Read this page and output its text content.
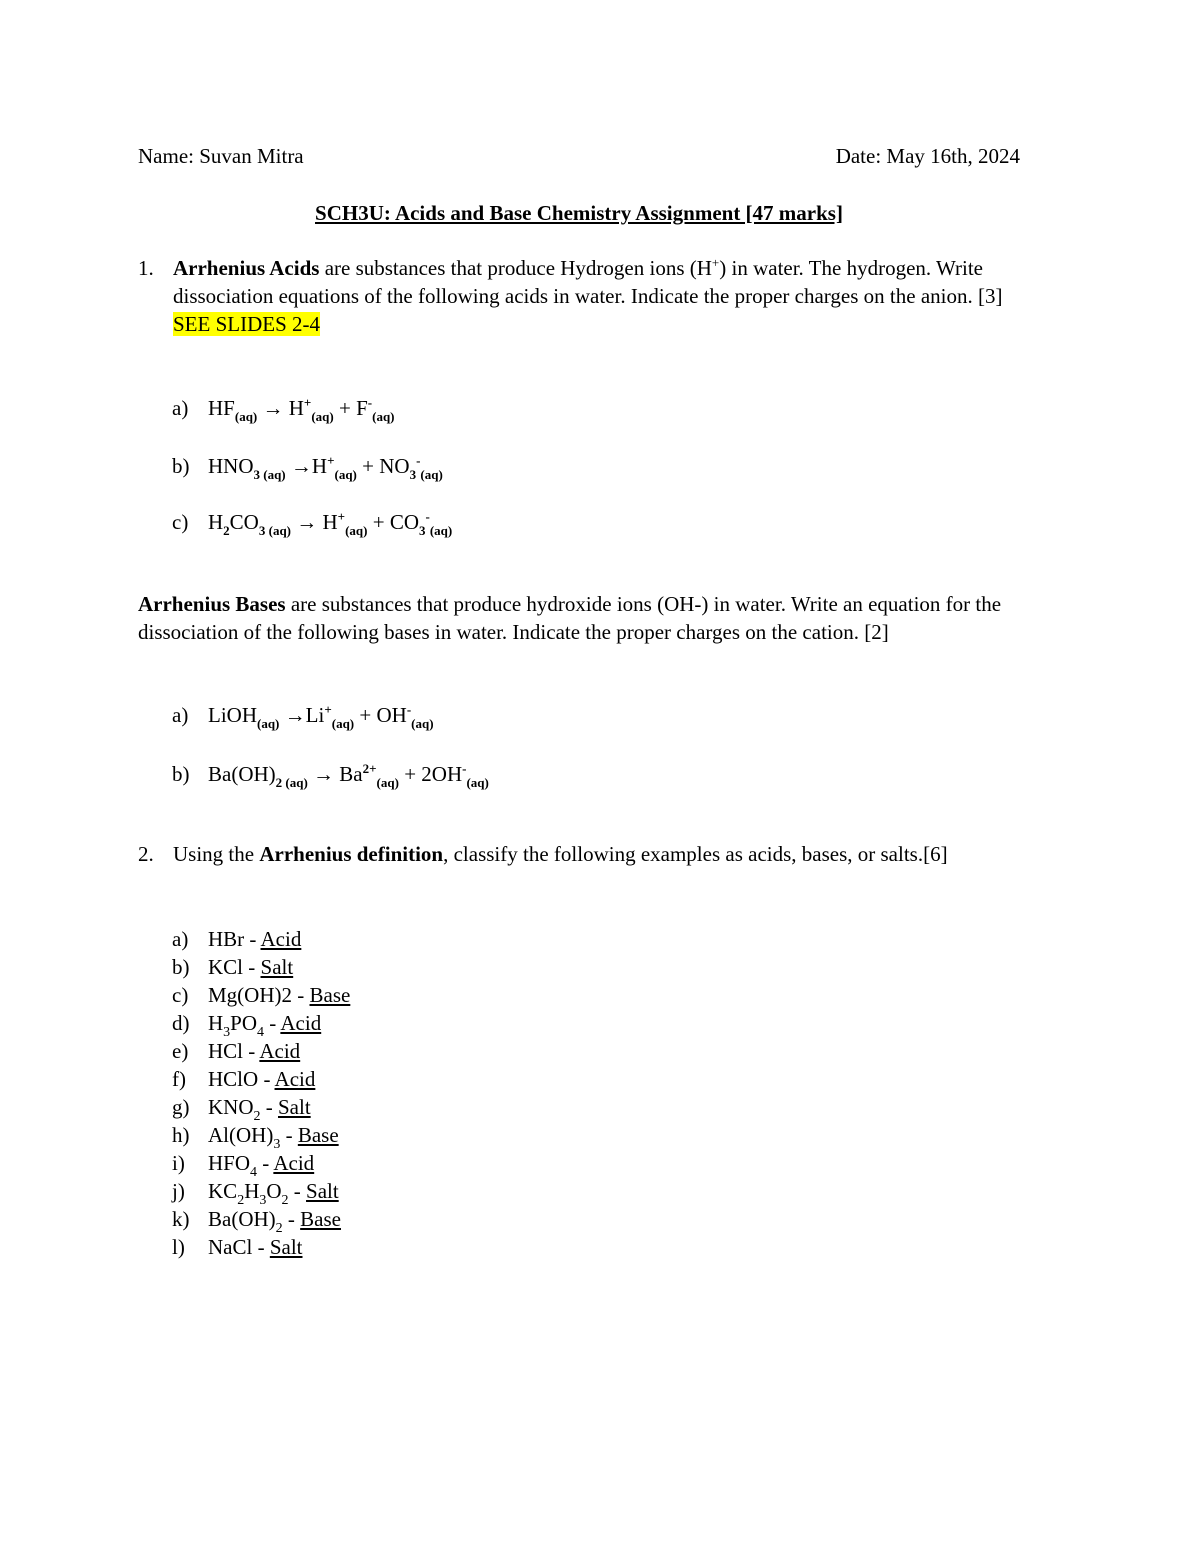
Name: Suvan Mitra	Date: May 16th, 2024
SCH3U: Acids and Base Chemistry Assignment [47 marks]
1. Arrhenius Acids are substances that produce Hydrogen ions (H+) in water. The hydrogen. Write dissociation equations of the following acids in water. Indicate the proper charges on the anion. [3] SEE SLIDES 2-4
a) $HF_{(aq)} \to H^+_{(aq)} + F^-_{(aq)}$
b) $HNO_{3 (aq)} \to H^+_{(aq)} + NO_3^-_{(aq)}$
c) $H_2CO_{3 (aq)} \to H^+_{(aq)} + CO_3^-_{(aq)}$
Arrhenius Bases are substances that produce hydroxide ions (OH-) in water. Write an equation for the dissociation of the following bases in water. Indicate the proper charges on the cation. [2]
a) LiOH$_{(aq)}$ $\to Li^+_{(aq)} + OH^-_{(aq)}$
b) $Ba(OH)_{2 (aq)} \to Ba^{2+}_{(aq)} + 2OH^-_{(aq)}$
2. Using the Arrhenius definition, classify the following examples as acids, bases, or salts.[6]
a) HBr - Acid
b) KCl - Salt
c) Mg(OH)2 - Base
d) $H_3PO_4$ - Acid
e) HCl - Acid
f) HClO - Acid
g) $KNO_2$ - Salt
h) $Al(OH)_3$ - Base
i) $HFO_4$ - Acid
j) $KC_2H_3O_2$ - Salt
k) $Ba(OH)_2$ - Base
l) NaCl - Salt
